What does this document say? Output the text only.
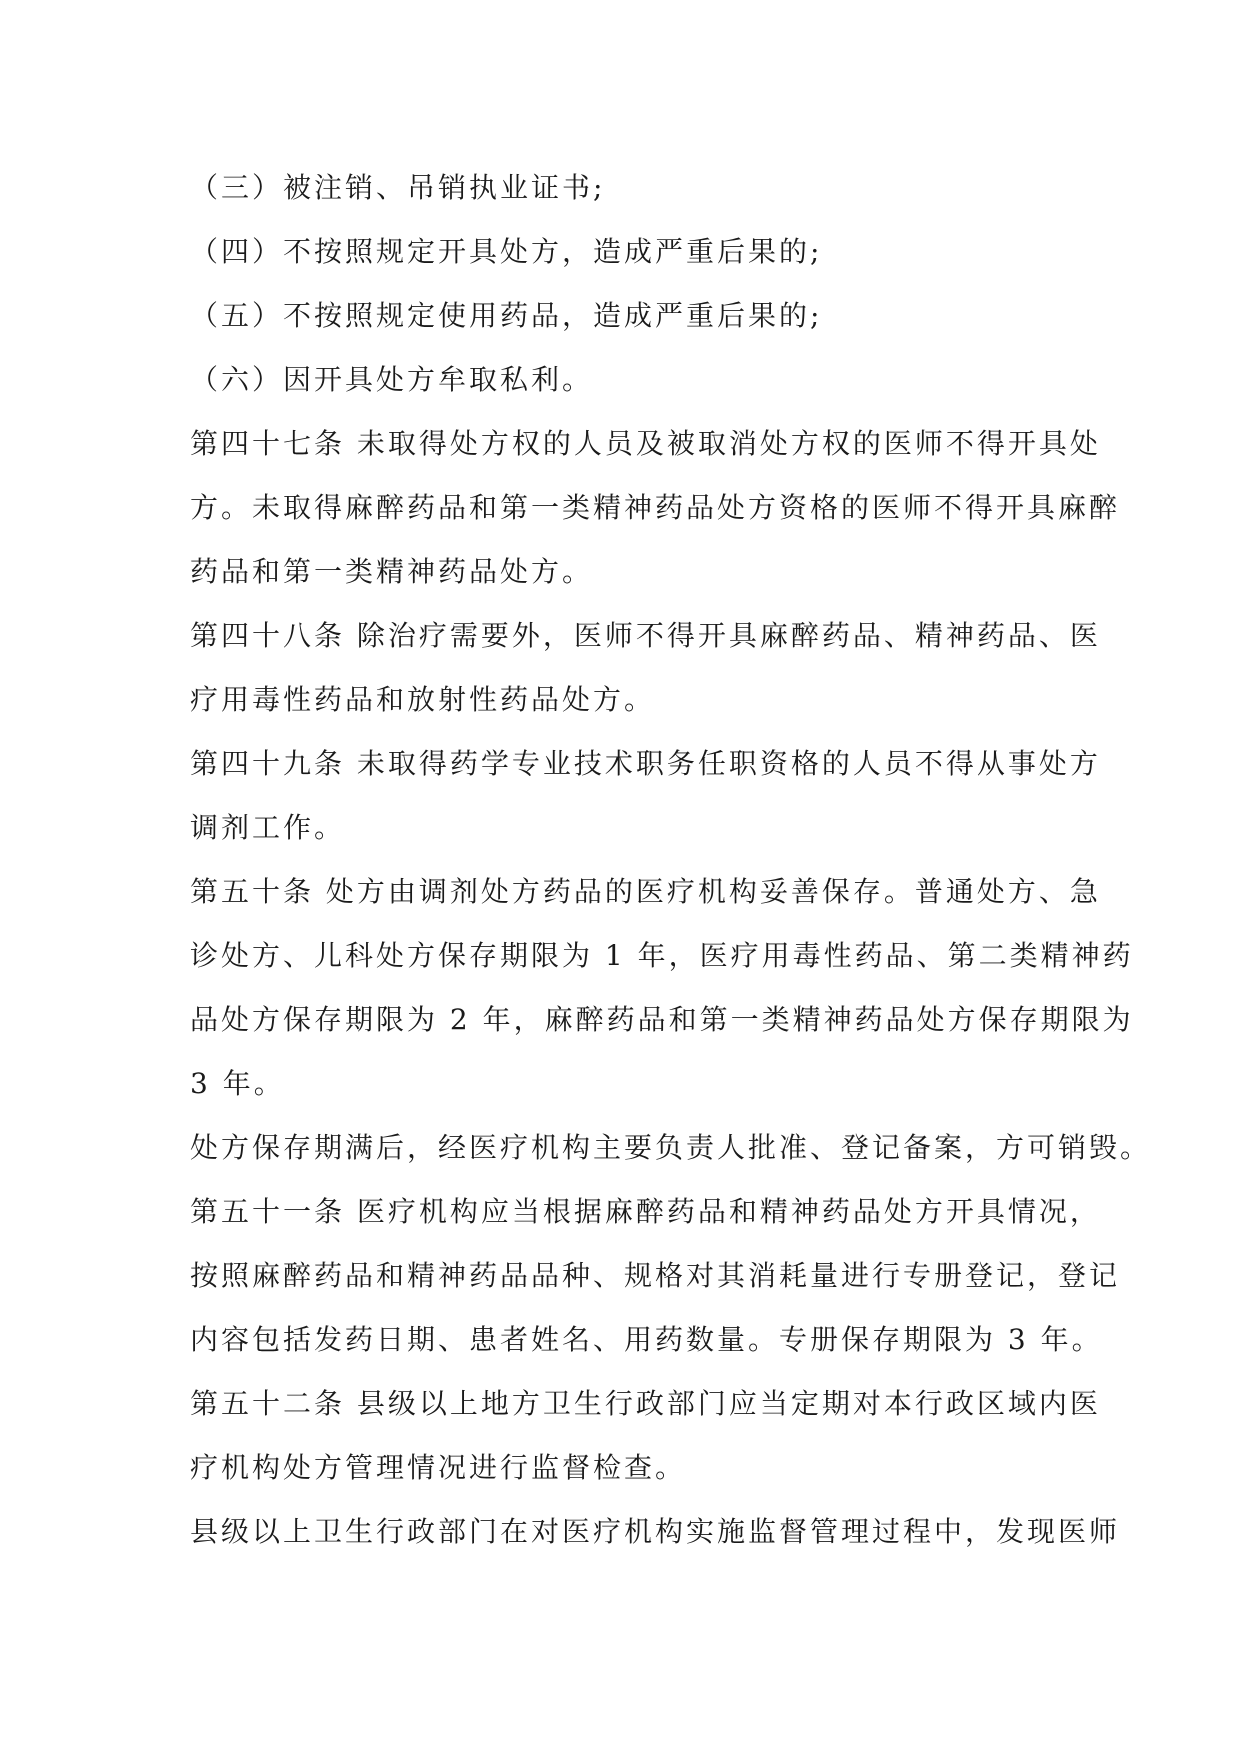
（三）被注销、吊销执业证书;
（四）不按照规定开具处方，造成严重后果的;
（五）不按照规定使用药品，造成严重后果的;
（六）因开具处方牟取私利。
第四十七条 未取得处方权的人员及被取消处方权的医师不得开具处
方。未取得麻醉药品和第一类精神药品处方资格的医师不得开具麻醉
药品和第一类精神药品处方。
第四十八条 除治疗需要外，医师不得开具麻醉药品、精神药品、医
疗用毒性药品和放射性药品处方。
第四十九条 未取得药学专业技术职务任职资格的人员不得从事处方
调剂工作。
第五十条 处方由调剂处方药品的医疗机构妥善保存。普通处方、急
诊处方、儿科处方保存期限为 1 年，医疗用毒性药品、第二类精神药
品处方保存期限为 2 年，麻醉药品和第一类精神药品处方保存期限为
3 年。
处方保存期满后，经医疗机构主要负责人批准、登记备案，方可销毁。
第五十一条 医疗机构应当根据麻醉药品和精神药品处方开具情况，
按照麻醉药品和精神药品品种、规格对其消耗量进行专册登记，登记
内容包括发药日期、患者姓名、用药数量。专册保存期限为 3 年。
第五十二条 县级以上地方卫生行政部门应当定期对本行政区域内医
疗机构处方管理情况进行监督检查。
县级以上卫生行政部门在对医疗机构实施监督管理过程中，发现医师
